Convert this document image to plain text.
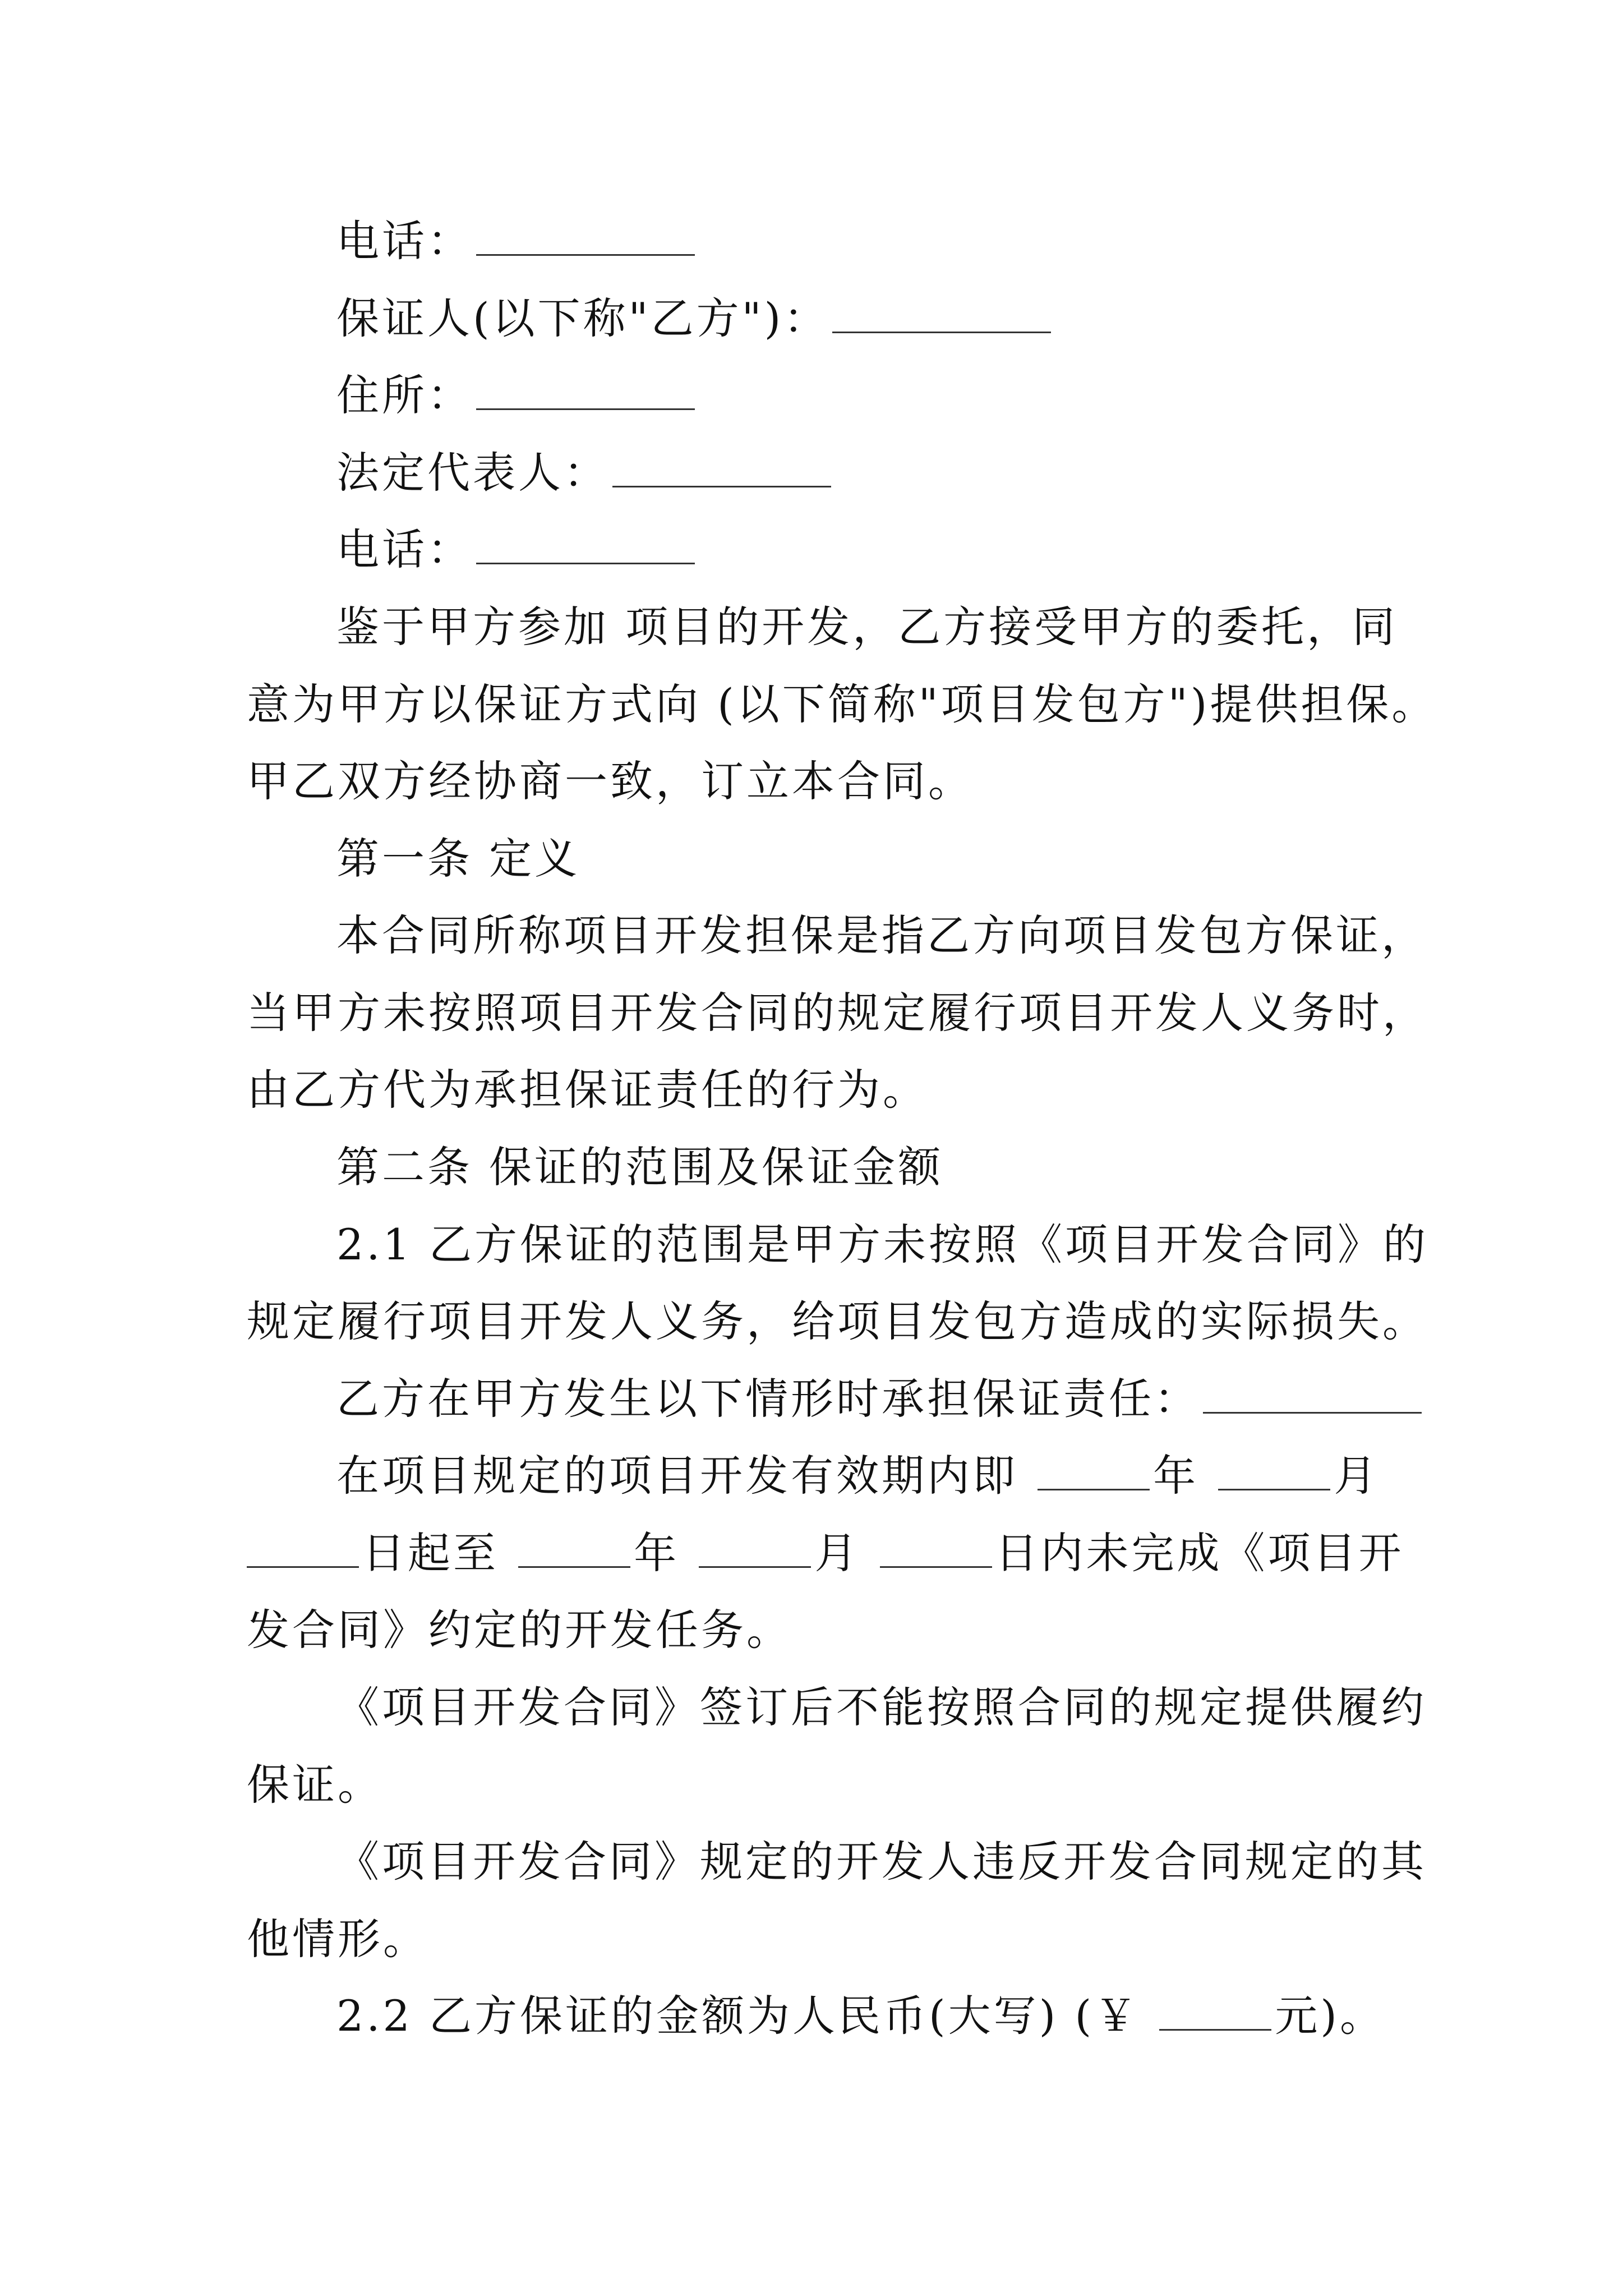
电话：
保证人(以下称"乙方")：
住所：
法定代表人：
电话：
鉴于甲方参加 项目的开发，乙方接受甲方的委托，同
意为甲方以保证方式向 (以下简称"项目发包方")提供担保。
甲乙双方经协商一致，订立本合同。
第一条 定义
本合同所称项目开发担保是指乙方向项目发包方保证，
当甲方未按照项目开发合同的规定履行项目开发人义务时，
由乙方代为承担保证责任的行为。
第二条 保证的范围及保证金额
2.1 乙方保证的范围是甲方未按照《项目开发合同》的
规定履行项目开发人义务，给项目发包方造成的实际损失。
乙方在甲方发生以下情形时承担保证责任：
在项目规定的项目开发有效期内即	年	月
日起至	年	月	日内未完成《项目开
发合同》约定的开发任务。
《项目开发合同》签订后不能按照合同的规定提供履约
保证。
《项目开发合同》规定的开发人违反开发合同规定的其
他情形。
2.2 乙方保证的金额为人民币(大写) (￥	元)。
